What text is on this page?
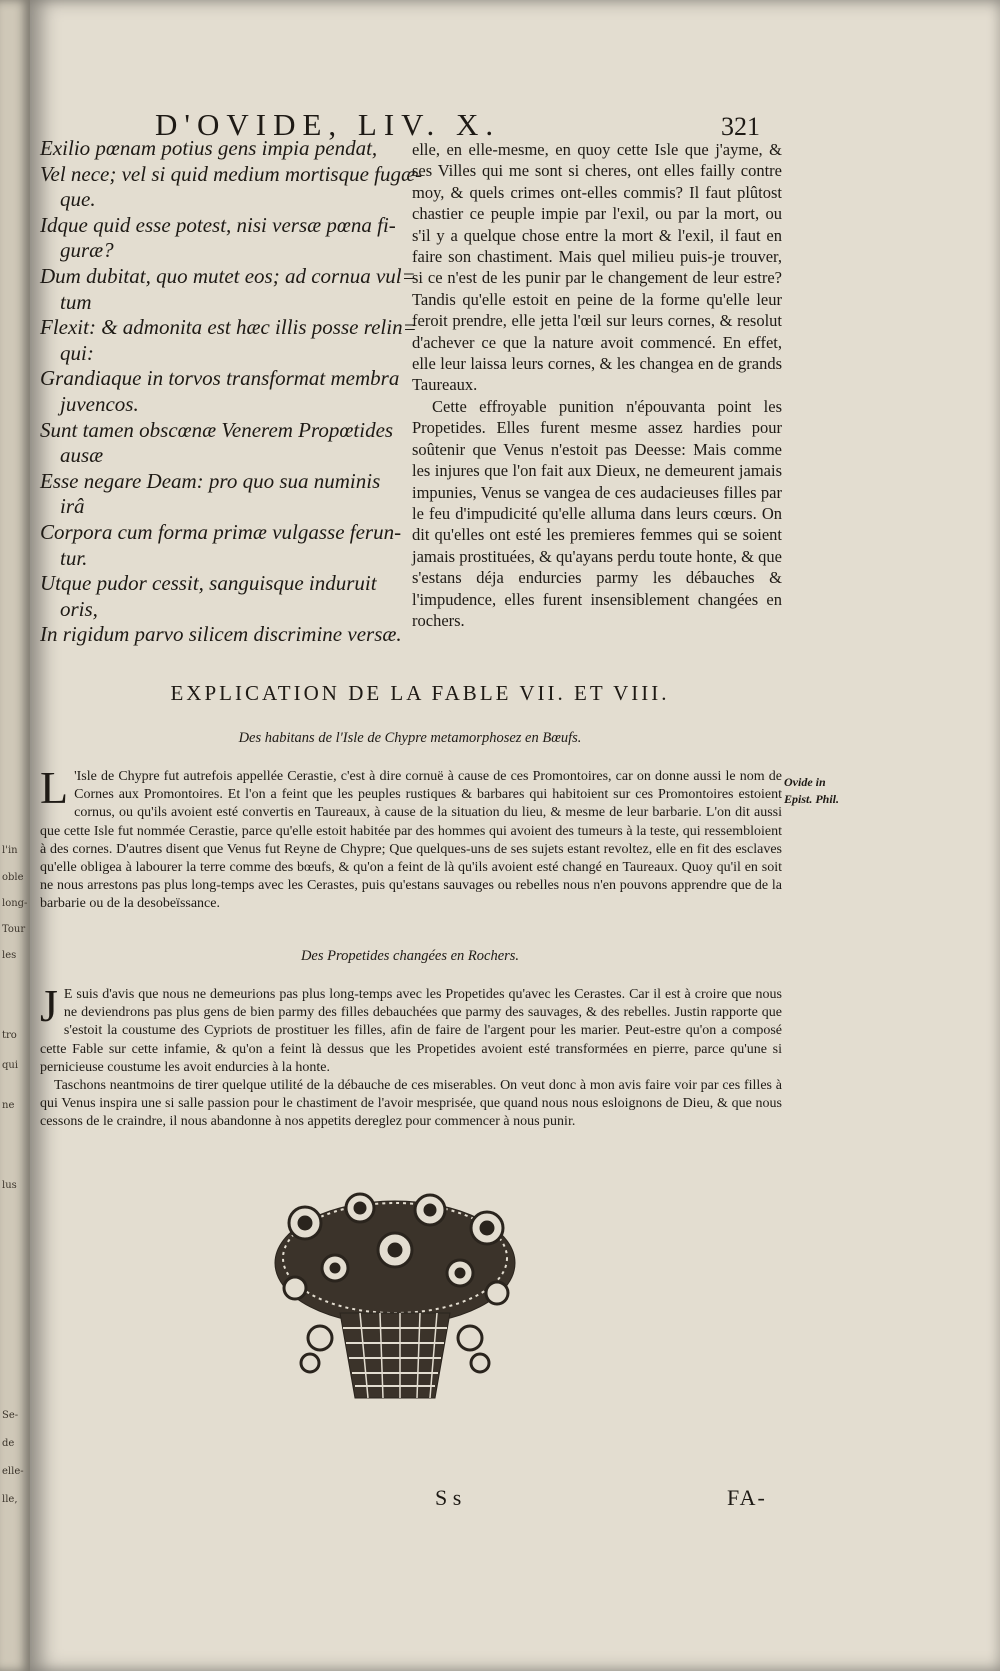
l'in
oble
long-
Tour
les
tro
qui
ne
lus
Se-
de
elle-
lle,
D'OVIDE, LIV. X.	321
Exilio pœnam potius gens impia pendat,
Vel nece; vel si quid medium mortisque fugæ-
que.
Idque quid esse potest, nisi versæ pœna fi-
guræ?
Dum dubitat, quo mutet eos; ad cornua vul=
tum
Flexit: & admonita est hæc illis posse relin=
qui:
Grandiaque in torvos transformat membra
juvencos.
Sunt tamen obscœnæ Venerem Propœtides
ausæ
Esse negare Deam: pro quo sua numinis
irâ
Corpora cum forma primæ vulgasse ferun-
tur.
Utque pudor cessit, sanguisque induruit
oris,
In rigidum parvo silicem discrimine versæ.

elle, en elle-mesme, en quoy cette Isle que j'ayme, & ses Villes qui me sont si cheres, ont elles failly contre moy, & quels crimes ont-elles commis? Il faut plûtost chastier ce peuple impie par l'exil, ou par la mort, ou s'il y a quelque chose entre la mort & l'exil, il faut en faire son chastiment. Mais quel milieu puis-je trouver, si ce n'est de les punir par le changement de leur estre? Tandis qu'elle estoit en peine de la forme qu'elle leur feroit prendre, elle jetta l'œil sur leurs cornes, & resolut d'achever ce que la nature avoit commencé. En effet, elle leur laissa leurs cornes, & les changea en de grands Taureaux.

Cette effroyable punition n'épouvanta point les Propetides. Elles furent mesme assez hardies pour soûtenir que Venus n'estoit pas Deesse: Mais comme les injures que l'on fait aux Dieux, ne demeurent jamais impunies, Venus se vangea de ces audacieuses filles par le feu d'impudicité qu'elle alluma dans leurs cœurs. On dit qu'elles ont esté les premieres femmes qui se soient jamais prostituées, & qu'ayans perdu toute honte, & que s'estans déja endurcies parmy les débauches & l'impudence, elles furent insensiblement changées en rochers.

EXPLICATION DE LA FABLE VII. ET VIII.
Des habitans de l'Isle de Chypre metamorphosez en Bœufs.

L 'Isle de Chypre fut autrefois appellée Cerastie, c'est à dire cornuë à cause de ces Promontoires, car on donne aussi le nom de Cornes aux Promontoires. Et l'on a feint que les peuples rustiques & barbares qui habitoient sur ces Promontoires estoient cornus, ou qu'ils avoient esté convertis en Taureaux, à cause de la situation du lieu, & mesme de leur barbarie. L'on dit aussi que cette Isle fut nommée Cerastie, parce qu'elle estoit habitée par des hommes qui avoient des tumeurs à la teste, qui ressembloient à des cornes. D'autres disent que Venus fut Reyne de Chypre; Que quelques-uns de ses sujets estant revoltez, elle en fit des esclaves qu'elle obligea à labourer la terre comme des bœufs, & qu'on a feint de là qu'ils avoient esté changé en Taureaux. Quoy qu'il en soit ne nous arrestons pas plus long-temps avec les Cerastes, puis qu'estans sauvages ou rebelles nous n'en pouvons apprendre que de la barbarie ou de la desobeïssance.

Ovide in Epist. Phil.
Des Propetides changées en Rochers.

J E suis d'avis que nous ne demeurions pas plus long-temps avec les Propetides qu'avec les Cerastes. Car il est à croire que nous ne deviendrons pas plus gens de bien parmy des filles debauchées que parmy des sauvages, & des rebelles. Justin rapporte que s'estoit la coustume des Cypriots de prostituer les filles, afin de faire de l'argent pour les marier. Peut-estre qu'on a composé cette Fable sur cette infamie, & qu'on a feint là dessus que les Propetides avoient esté transformées en pierre, parce qu'une si pernicieuse coustume les avoit endurcies à la honte.

Taschons neantmoins de tirer quelque utilité de la débauche de ces miserables. On veut donc à mon avis faire voir par ces filles à qui Venus inspira une si salle passion pour le chastiment de l'avoir mesprisée, que quand nous nous esloignons de Dieu, & que nous cessons de le craindre, il nous abandonne à nos appetits dereglez pour commencer à nous punir.

S s	FA-
